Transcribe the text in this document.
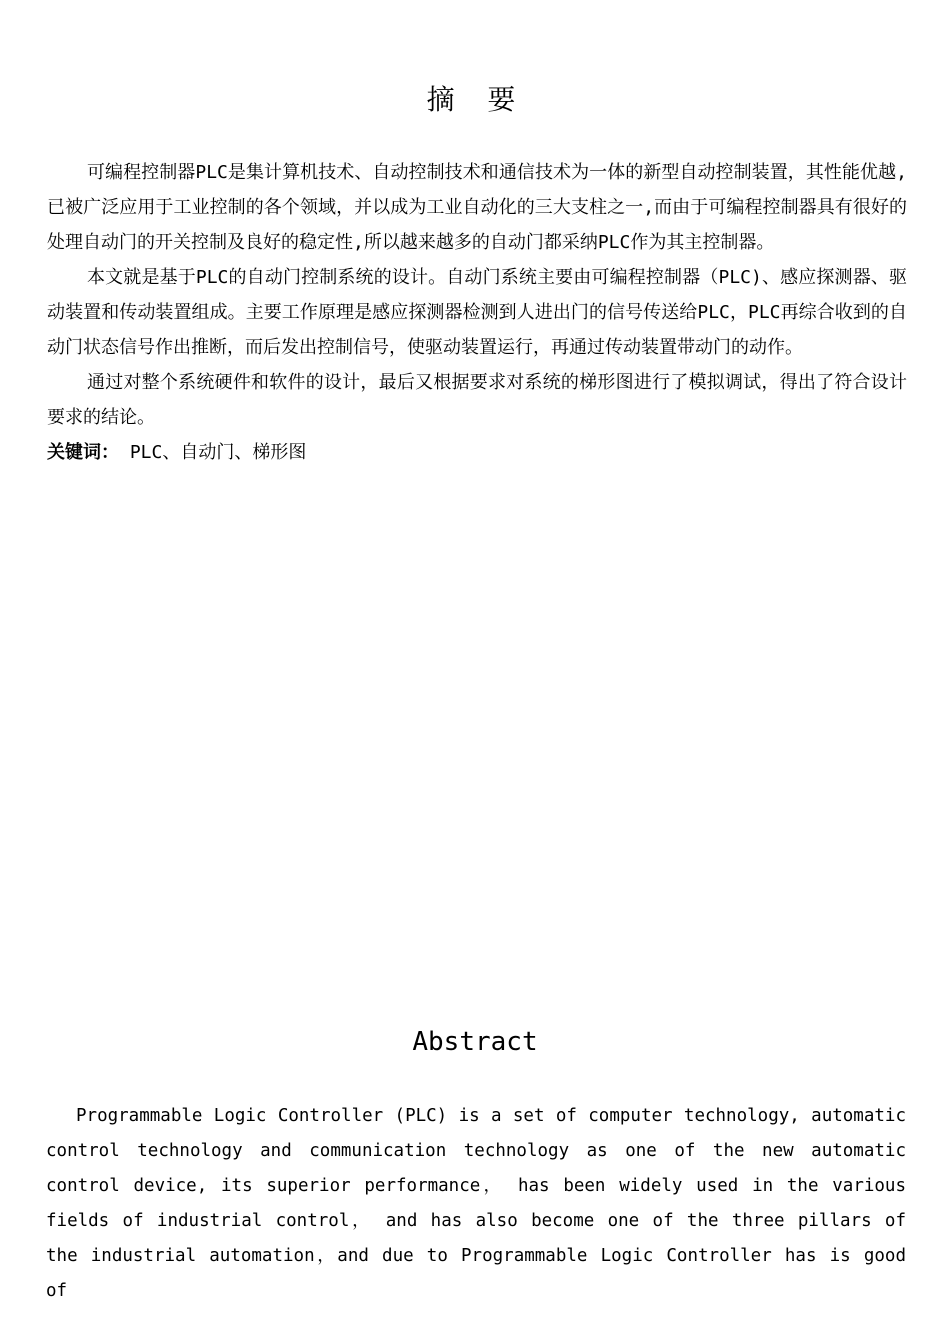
摘 要

可编程控制器PLC是集计算机技术、自动控制技术和通信技术为一体的新型自动控制装置，其性能优越,已被广泛应用于工业控制的各个领域，并以成为工业自动化的三大支柱之一,而由于可编程控制器具有很好的处理自动门的开关控制及良好的稳定性,所以越来越多的自动门都采纳PLC作为其主控制器。

本文就是基于PLC的自动门控制系统的设计。自动门系统主要由可编程控制器（PLC)、感应探测器、驱动装置和传动装置组成。主要工作原理是感应探测器检测到人进出门的信号传送给PLC，PLC再综合收到的自动门状态信号作出推断，而后发出控制信号，使驱动装置运行，再通过传动装置带动门的动作。

通过对整个系统硬件和软件的设计，最后又根据要求对系统的梯形图进行了模拟调试，得出了符合设计要求的结论。

关键词： PLC、自动门、梯形图

Abstract

Programmable Logic Controller (PLC) is a set of computer technology, automatic control technology and communication technology as one of the new automatic control device, its superior performance， has been widely used in the various fields of industrial control， and has also become one of the three pillars of the industrial automation，and due to Programmable Logic Controller has is good of
